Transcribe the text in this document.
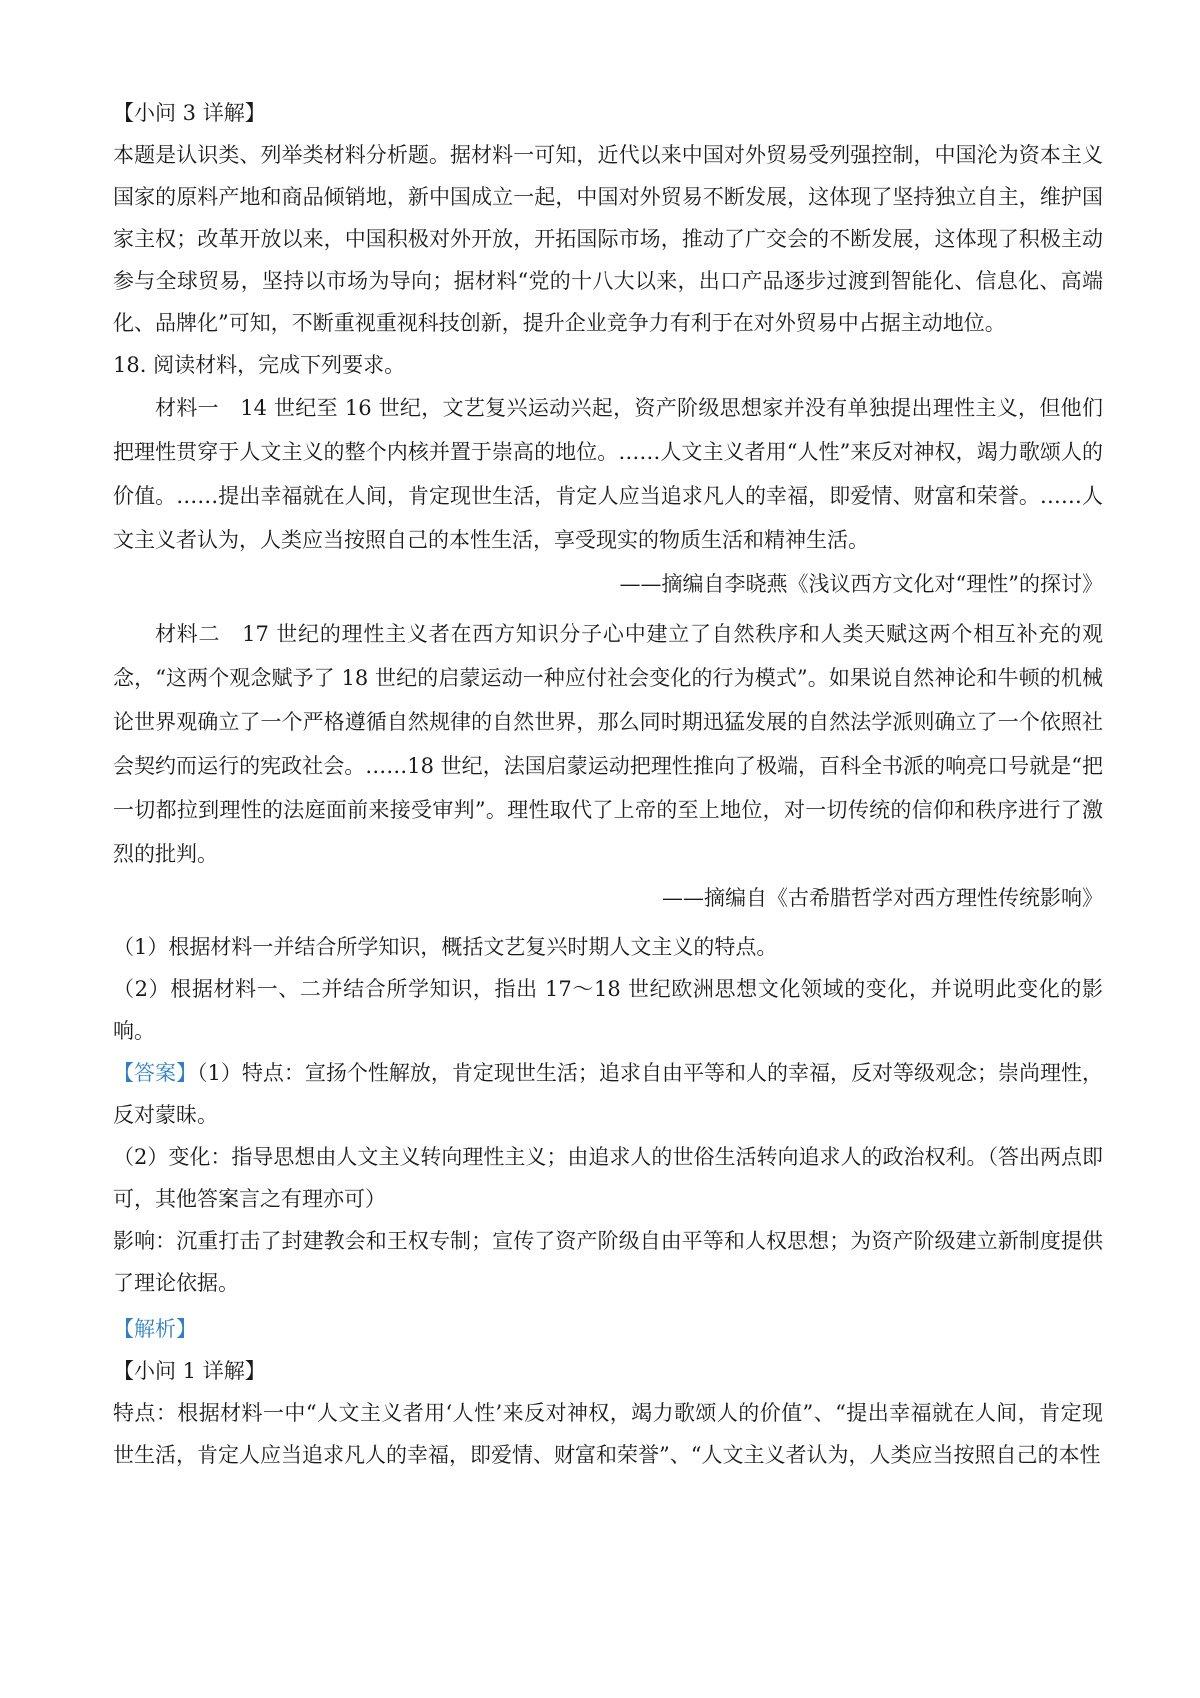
【小问 3 详解】

本题是认识类、列举类材料分析题。据材料一可知，近代以来中国对外贸易受列强控制，中国沦为资本主义国家的原料产地和商品倾销地，新中国成立一起，中国对外贸易不断发展，这体现了坚持独立自主，维护国家主权；改革开放以来，中国积极对外开放，开拓国际市场，推动了广交会的不断发展，这体现了积极主动参与全球贸易，坚持以市场为导向；据材料“党的十八大以来，出口产品逐步过渡到智能化、信息化、高端化、品牌化”可知，不断重视重视科技创新，提升企业竞争力有利于在对外贸易中占据主动地位。

18. 阅读材料，完成下列要求。

材料一　14 世纪至 16 世纪，文艺复兴运动兴起，资产阶级思想家并没有单独提出理性主义，但他们把理性贯穿于人文主义的整个内核并置于崇高的地位。……人文主义者用“人性”来反对神权，竭力歌颂人的价值。……提出幸福就在人间，肯定现世生活，肯定人应当追求凡人的幸福，即爱情、财富和荣誉。……人文主义者认为，人类应当按照自己的本性生活，享受现实的物质生活和精神生活。

——摘编自李晓燕《浅议西方文化对“理性”的探讨》

材料二　17 世纪的理性主义者在西方知识分子心中建立了自然秩序和人类天赋这两个相互补充的观念，“这两个观念赋予了 18 世纪的启蒙运动一种应付社会变化的行为模式”。如果说自然神论和牛顿的机械论世界观确立了一个严格遵循自然规律的自然世界，那么同时期迅猛发展的自然法学派则确立了一个依照社会契约而运行的宪政社会。……18 世纪，法国启蒙运动把理性推向了极端，百科全书派的响亮口号就是“把一切都拉到理性的法庭面前来接受审判”。理性取代了上帝的至上地位，对一切传统的信仰和秩序进行了激烈的批判。

——摘编自《古希腊哲学对西方理性传统影响》

（1）根据材料一并结合所学知识，概括文艺复兴时期人文主义的特点。

（2）根据材料一、二并结合所学知识，指出 17～18 世纪欧洲思想文化领域的变化，并说明此变化的影响。

【答案】（1）特点：宣扬个性解放，肯定现世生活；追求自由平等和人的幸福，反对等级观念；崇尚理性，反对蒙昧。

（2）变化：指导思想由人文主义转向理性主义；由追求人的世俗生活转向追求人的政治权利。（答出两点即可，其他答案言之有理亦可）

影响：沉重打击了封建教会和王权专制；宣传了资产阶级自由平等和人权思想；为资产阶级建立新制度提供了理论依据。

【解析】

【小问 1 详解】

特点：根据材料一中“人文主义者用‘人性’来反对神权，竭力歌颂人的价值”、“提出幸福就在人间，肯定现世生活，肯定人应当追求凡人的幸福，即爱情、财富和荣誉”、“人文主义者认为，人类应当按照自己的本性
